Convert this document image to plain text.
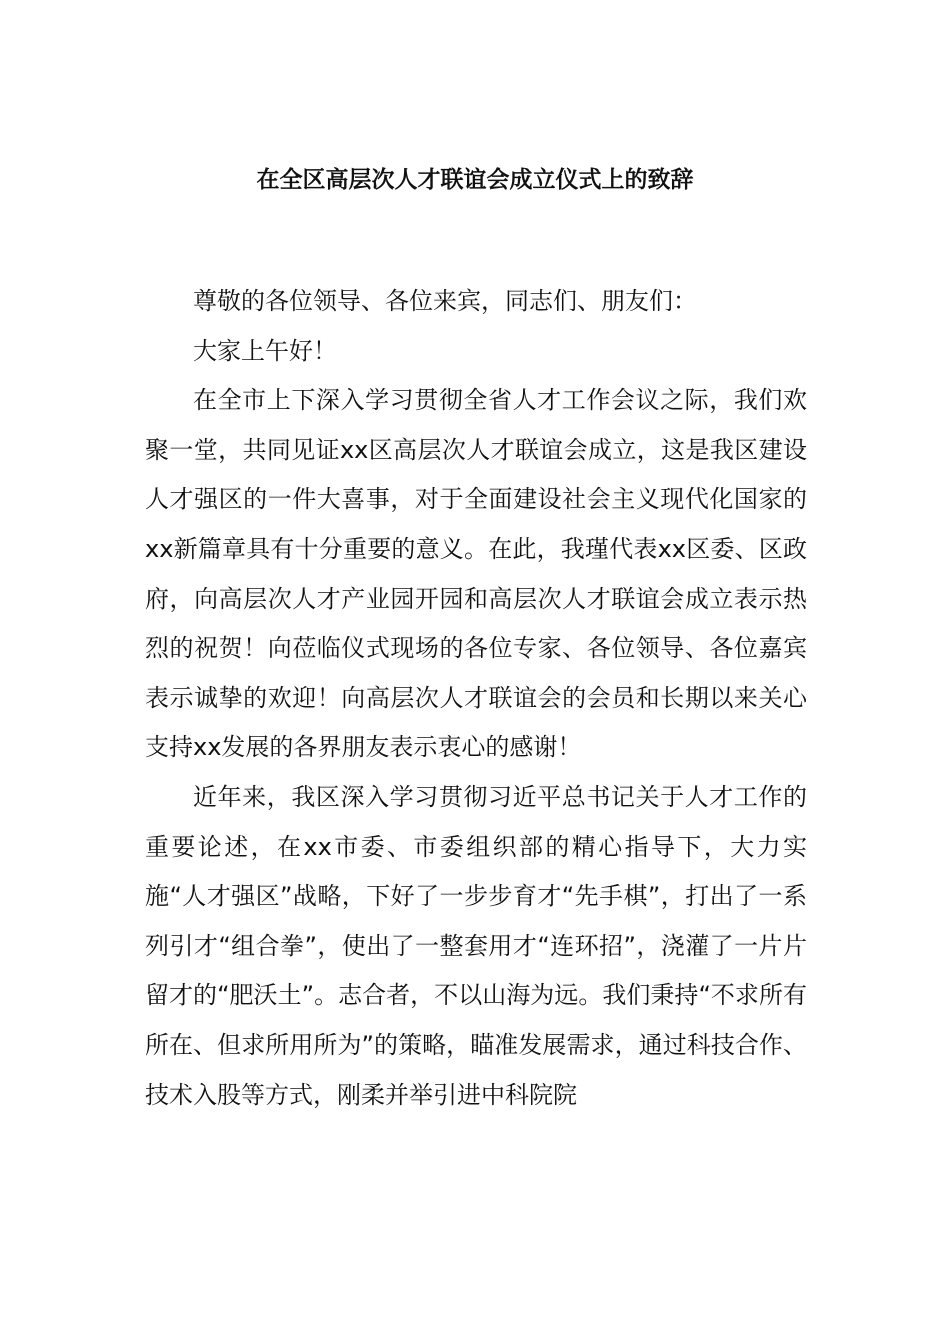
在全区高层次人才联谊会成立仪式上的致辞

尊敬的各位领导、各位来宾，同志们、朋友们：

大家上午好！

在全市上下深入学习贯彻全省人才工作会议之际，我们欢聚一堂，共同见证xx区高层次人才联谊会成立，这是我区建设人才强区的一件大喜事，对于全面建设社会主义现代化国家的xx新篇章具有十分重要的意义。在此，我瑾代表xx区委、区政府，向高层次人才产业园开园和高层次人才联谊会成立表示热烈的祝贺！向莅临仪式现场的各位专家、各位领导、各位嘉宾表示诚挚的欢迎！向高层次人才联谊会的会员和长期以来关心支持xx发展的各界朋友表示衷心的感谢！

近年来，我区深入学习贯彻习近平总书记关于人才工作的重要论述，在xx市委、市委组织部的精心指导下，大力实施“人才强区”战略，下好了一步步育才“先手棋”，打出了一系列引才“组合拳”，使出了一整套用才“连环招”，浇灌了一片片留才的“肥沃土”。志合者，不以山海为远。我们秉持“不求所有所在、但求所用所为”的策略，瞄准发展需求，通过科技合作、技术入股等方式，刚柔并举引进中科院院
